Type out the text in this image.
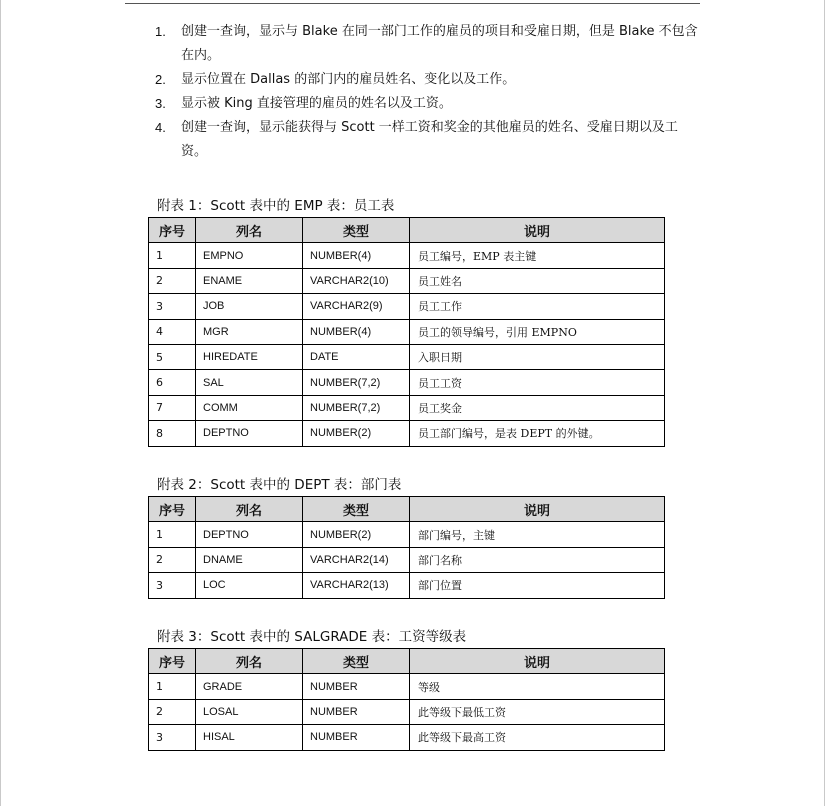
1. 创建一查询，显示与 Blake 在同一部门工作的雇员的项目和受雇日期，但是 Blake 不包含在内。
2. 显示位置在 Dallas 的部门内的雇员姓名、变化以及工作。
3. 显示被 King 直接管理的雇员的姓名以及工资。
4. 创建一查询，显示能获得与 Scott 一样工资和奖金的其他雇员的姓名、受雇日期以及工资。
附表 1：Scott 表中的 EMP 表：员工表
序号	列名	类型	说明
1	EMPNO	NUMBER(4)	员工编号，EMP 表主键
2	ENAME	VARCHAR2(10)	员工姓名
3	JOB	VARCHAR2(9)	员工工作
4	MGR	NUMBER(4)	员工的领导编号，引用 EMPNO
5	HIREDATE	DATE	入职日期
6	SAL	NUMBER(7,2)	员工工资
7	COMM	NUMBER(7,2)	员工奖金
8	DEPTNO	NUMBER(2)	员工部门编号，是表 DEPT 的外键。
附表 2：Scott 表中的 DEPT 表：部门表
序号	列名	类型	说明
1	DEPTNO	NUMBER(2)	部门编号，主键
2	DNAME	VARCHAR2(14)	部门名称
3	LOC	VARCHAR2(13)	部门位置
附表 3：Scott 表中的 SALGRADE 表：工资等级表
序号	列名	类型	说明
1	GRADE	NUMBER	等级
2	LOSAL	NUMBER	此等级下最低工资
3	HISAL	NUMBER	此等级下最高工资
